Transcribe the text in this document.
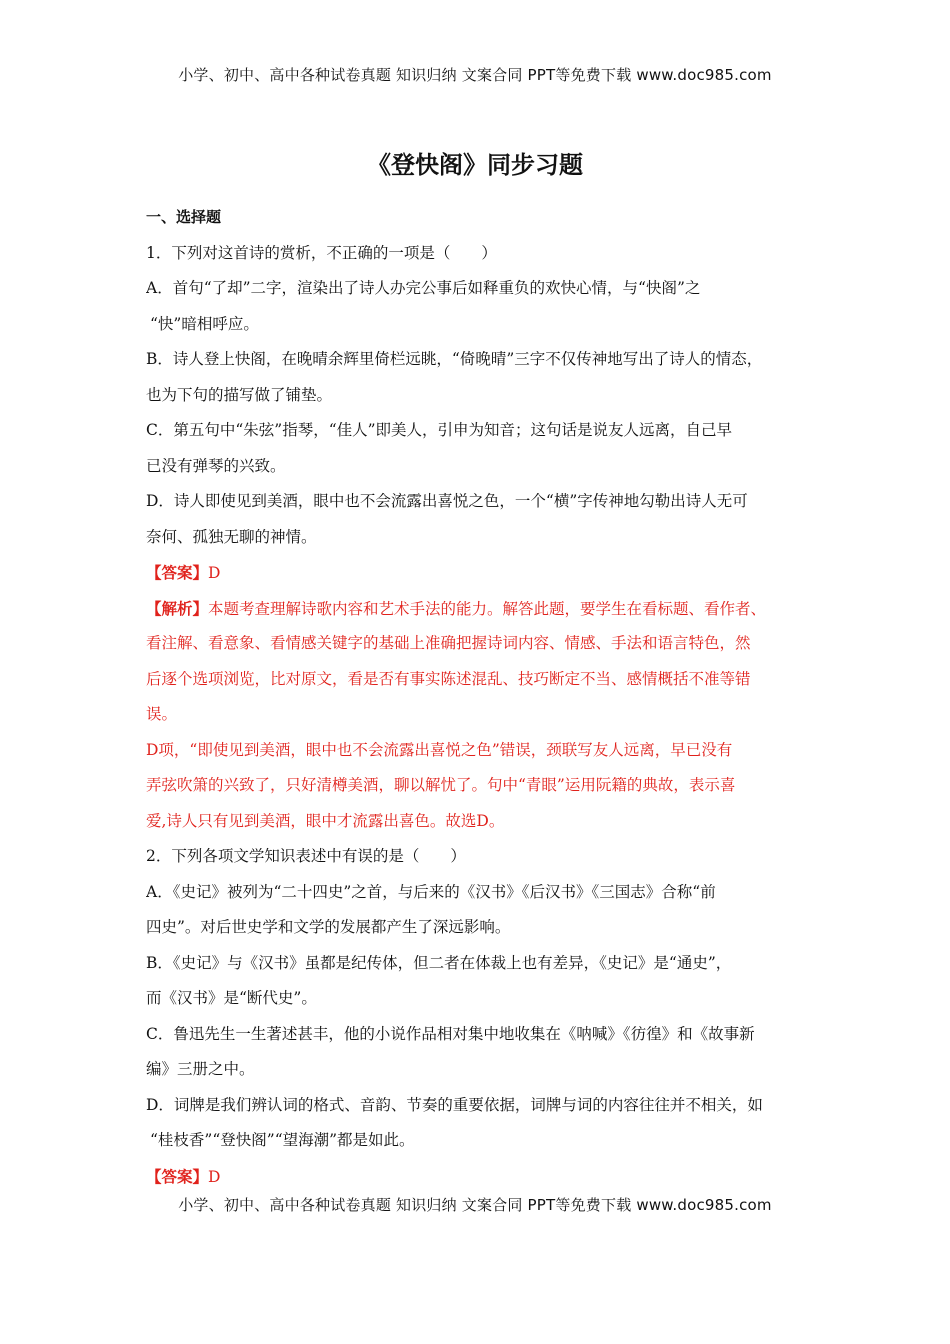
小学、初中、高中各种试卷真题 知识归纳 文案合同 PPT等免费下载 www.doc985.com
《登快阁》同步习题
一、选择题
1．下列对这首诗的赏析，不正确的一项是（　　）
A．首句“了却”二字，渲染出了诗人办完公事后如释重负的欢快心情，与“快阁”之
“快”暗相呼应。
B．诗人登上快阁，在晚晴余辉里倚栏远眺，“倚晚晴”三字不仅传神地写出了诗人的情态，
也为下句的描写做了铺垫。
C．第五句中“朱弦”指琴，“佳人”即美人，引申为知音；这句话是说友人远离，自己早
已没有弹琴的兴致。
D．诗人即使见到美酒，眼中也不会流露出喜悦之色，一个“横”字传神地勾勒出诗人无可
奈何、孤独无聊的神情。
【答案】D
【解析】本题考查理解诗歌内容和艺术手法的能力。解答此题，要学生在看标题、看作者、
看注解、看意象、看情感关键字的基础上准确把握诗词内容、情感、手法和语言特色，然
后逐个选项浏览，比对原文，看是否有事实陈述混乱、技巧断定不当、感情概括不准等错
误。
D项，“即使见到美酒，眼中也不会流露出喜悦之色”错误，颈联写友人远离，早已没有
弄弦吹箫的兴致了，只好清樽美酒，聊以解忧了。句中“青眼”运用阮籍的典故，表示喜
爱,诗人只有见到美酒，眼中才流露出喜色。故选D。
2．下列各项文学知识表述中有误的是（　　）
A．《史记》被列为“二十四史”之首，与后来的《汉书》《后汉书》《三国志》合称“前
四史”。对后世史学和文学的发展都产生了深远影响。
B．《史记》与《汉书》虽都是纪传体，但二者在体裁上也有差异，《史记》是“通史”，
而《汉书》是“断代史”。
C．鲁迅先生一生著述甚丰，他的小说作品相对集中地收集在《呐喊》《彷徨》和《故事新
编》三册之中。
D．词牌是我们辨认词的格式、音韵、节奏的重要依据，词牌与词的内容往往并不相关，如
“桂枝香”“登快阁”“望海潮”都是如此。
【答案】D
小学、初中、高中各种试卷真题 知识归纳 文案合同 PPT等免费下载 www.doc985.com
